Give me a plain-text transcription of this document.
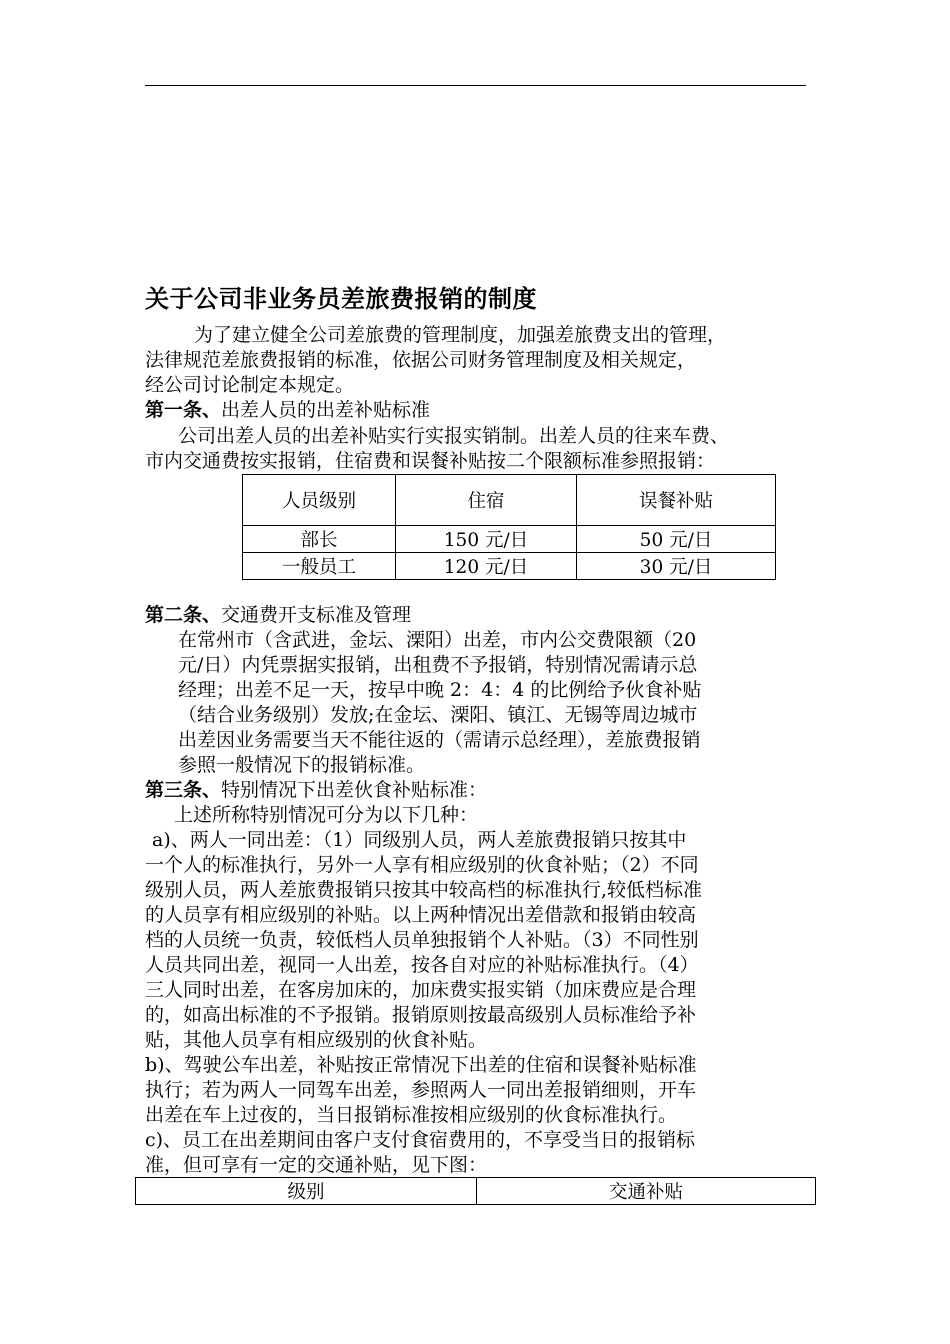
关于公司非业务员差旅费报销的制度

为了建立健全公司差旅费的管理制度，加强差旅费支出的管理，

法律规范差旅费报销的标准，依据公司财务管理制度及相关规定，

经公司讨论制定本规定。

第一条、出差人员的出差补贴标准

公司出差人员的出差补贴实行实报实销制。出差人员的往来车费、

市内交通费按实报销，住宿费和误餐补贴按二个限额标准参照报销：

人员级别	住宿	误餐补贴
部长	150 元/日	50 元/日
一般员工	120 元/日	30 元/日

第二条、交通费开支标准及管理

在常州市（含武进，金坛、溧阳）出差，市内公交费限额（20

元/日）内凭票据实报销，出租费不予报销，特别情况需请示总

经理；出差不足一天，按早中晚 2：4：4 的比例给予伙食补贴

（结合业务级别）发放;在金坛、溧阳、镇江、无锡等周边城市

出差因业务需要当天不能往返的（需请示总经理），差旅费报销

参照一般情况下的报销标准。

第三条、特别情况下出差伙食补贴标准：

上述所称特别情况可分为以下几种：

a)、两人一同出差：（1）同级别人员，两人差旅费报销只按其中

一个人的标准执行，另外一人享有相应级别的伙食补贴；（2）不同

级别人员，两人差旅费报销只按其中较高档的标准执行,较低档标准

的人员享有相应级别的补贴。以上两种情况出差借款和报销由较高

档的人员统一负责，较低档人员单独报销个人补贴。（3）不同性别

人员共同出差，视同一人出差，按各自对应的补贴标准执行。（4）

三人同时出差，在客房加床的，加床费实报实销（加床费应是合理

的，如高出标准的不予报销。报销原则按最高级别人员标准给予补

贴，其他人员享有相应级别的伙食补贴。

b)、驾驶公车出差，补贴按正常情况下出差的住宿和误餐补贴标准

执行；若为两人一同驾车出差，参照两人一同出差报销细则，开车

出差在车上过夜的，当日报销标准按相应级别的伙食标准执行。

c)、员工在出差期间由客户支付食宿费用的，不享受当日的报销标

准，但可享有一定的交通补贴，见下图：

级别	交通补贴
